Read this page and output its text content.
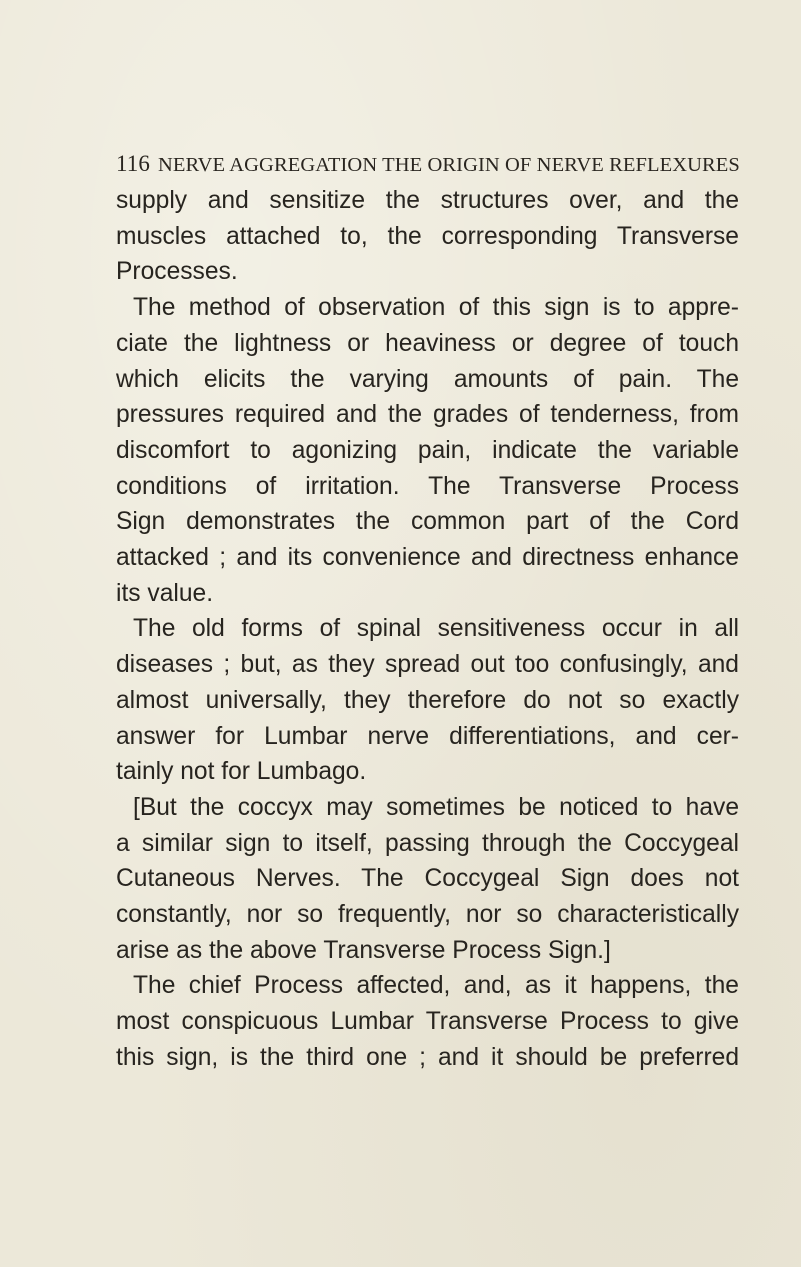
116 NERVE AGGREGATION THE ORIGIN OF NERVE REFLEXURES
supply and sensitize the structures over, and the
muscles attached to, the corresponding Transverse
Processes.
The method of observation of this sign is to appre-
ciate the lightness or heaviness or degree of touch
which elicits the varying amounts of pain. The
pressures required and the grades of tenderness, from
discomfort to agonizing pain, indicate the variable
conditions of irritation. The Transverse Process
Sign demonstrates the common part of the Cord
attacked ; and its convenience and directness enhance
its value.
The old forms of spinal sensitiveness occur in all
diseases ; but, as they spread out too confusingly, and
almost universally, they therefore do not so exactly
answer for Lumbar nerve differentiations, and cer-
tainly not for Lumbago.
[But the coccyx may sometimes be noticed to have
a similar sign to itself, passing through the Coccygeal
Cutaneous Nerves. The Coccygeal Sign does not
constantly, nor so frequently, nor so characteristically
arise as the above Transverse Process Sign.]
The chief Process affected, and, as it happens, the
most conspicuous Lumbar Transverse Process to give
this sign, is the third one ; and it should be preferred
